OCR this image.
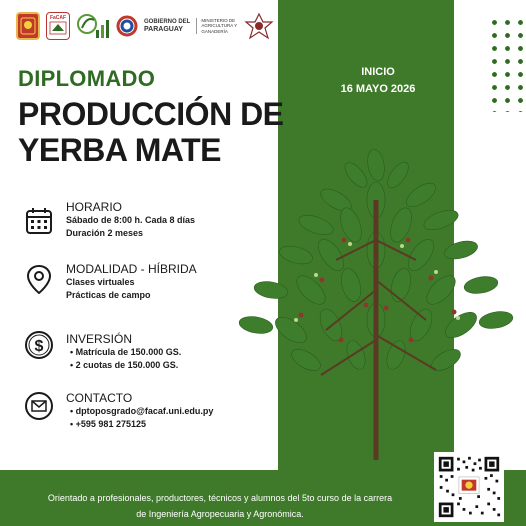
FaCAF
GOBIERNO DEL
PARAGUAY
MINISTERIO DE
AGRICULTURA Y
GANADERÍA
DIPLOMADO
PRODUCCIÓN DE
YERBA MATE
INICIO
16 MAYO 2026
HORARIO
Sábado de 8:00 h. Cada 8 días
Duración 2 meses
MODALIDAD - HÍBRIDA
Clases virtuales
Prácticas de campo
$ INVERSIÓN
• Matrícula de 150.000 GS.
• 2 cuotas de 150.000 GS.
CONTACTO
• dptoposgrado@facaf.uni.edu.py
• +595 981 275125
Orientado a profesionales, productores, técnicos y alumnos del 5to curso de la carrera
de Ingeniería Agropecuaria y Agronómica.
